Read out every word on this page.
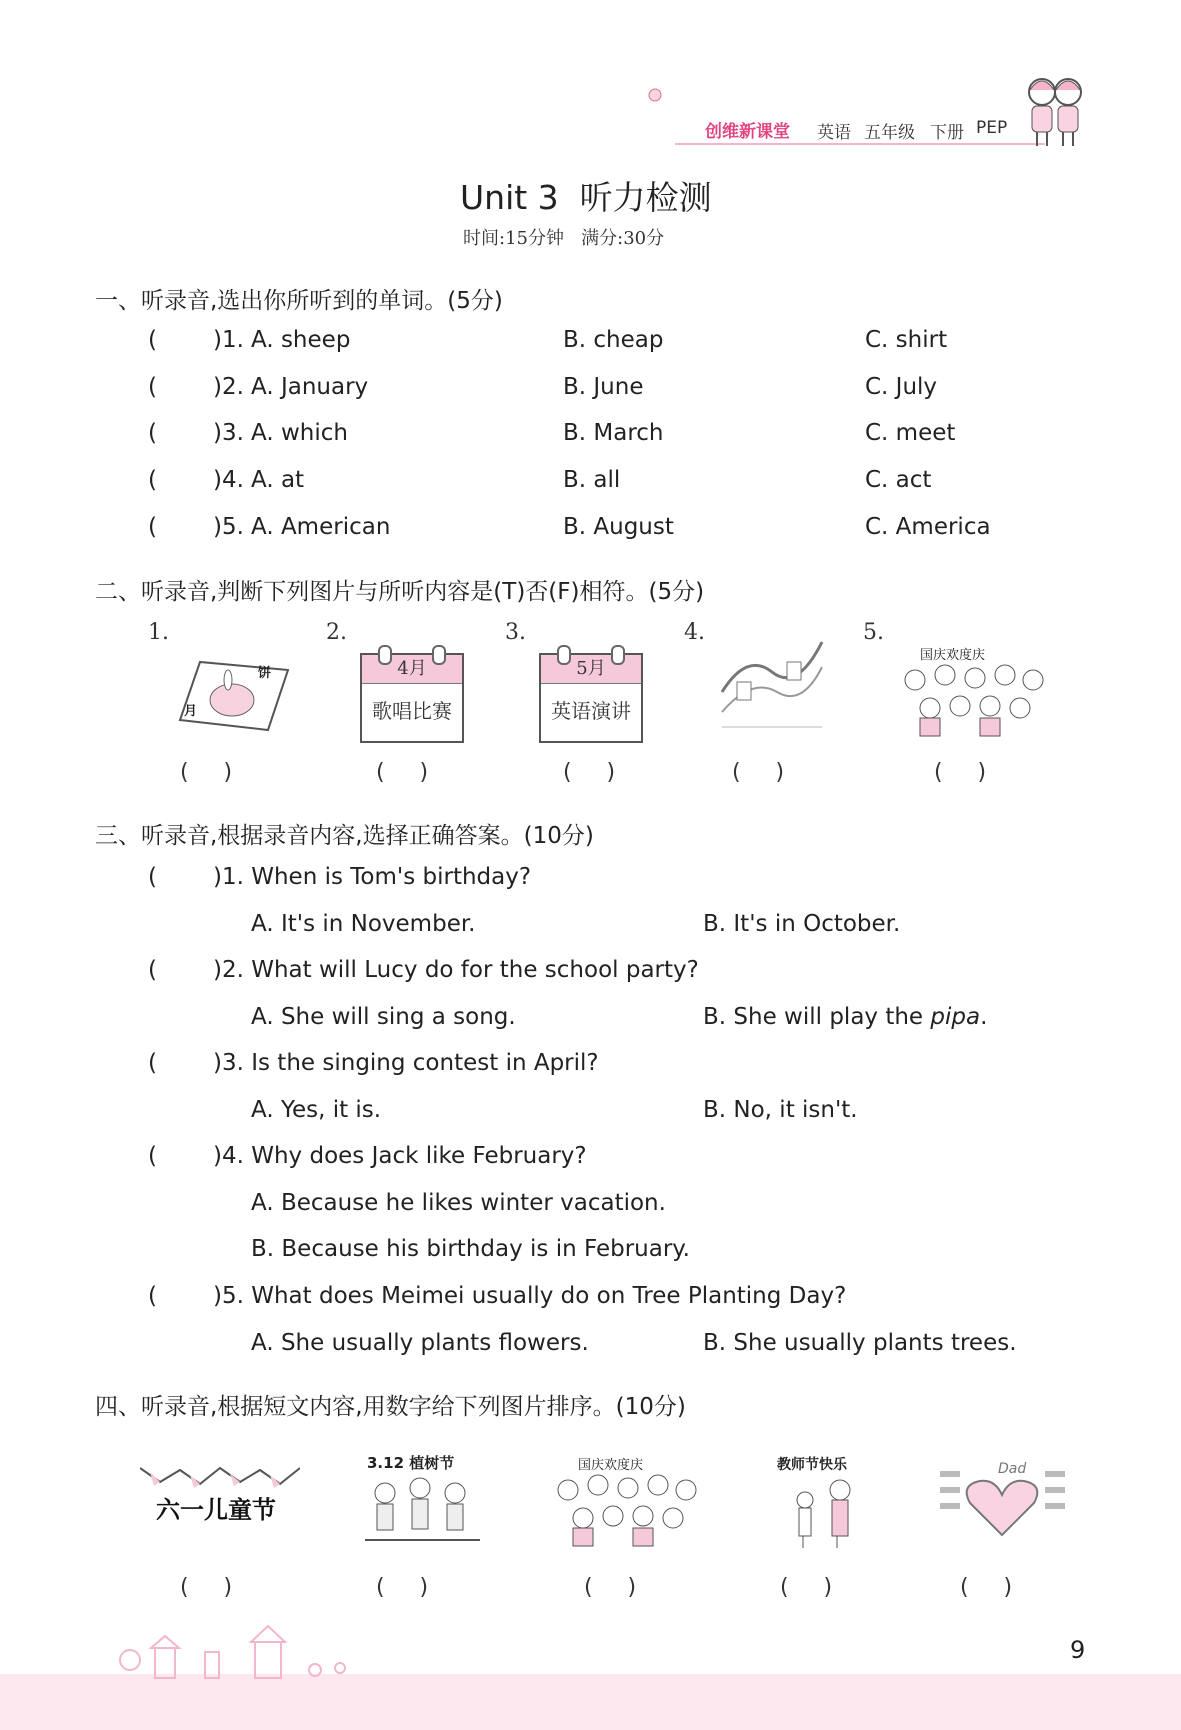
创维新课堂 英语 五年级 下册 PEP
Unit 3  听力检测
时间:15分钟   满分:30分
一、听录音,选出你所听到的单词。(5分)
( )1. A. sheep	B. cheap	C. shirt
( )2. A. January	B. June	C. July
( )3. A. which	B. March	C. meet
( )4. A. at	B. all	C. act
( )5. A. American	B. August	C. America
二、听录音,判断下列图片与所听内容是(T)否(F)相符。(5分)
1.	2.	3.	4.	5.
月
饼	4月
歌唱比赛
5月
英语演讲
国庆欢度庆
(     )	(     )	(     )	(     )	(     )
三、听录音,根据录音内容,选择正确答案。(10分)
( )1. When is Tom's birthday?
A. It's in November.	B. It's in October.
( )2. What will Lucy do for the school party?
A. She will sing a song.	B. She will play the pipa.
( )3. Is the singing contest in April?
A. Yes, it is.	B. No, it isn't.
( )4. Why does Jack like February?
A. Because he likes winter vacation.
B. Because his birthday is in February.
( )5. What does Meimei usually do on Tree Planting Day?
A. She usually plants flowers.	B. She usually plants trees.
四、听录音,根据短文内容,用数字给下列图片排序。(10分)
六一儿童节
3.12 植树节	国庆欢度庆	教师节快乐	Dad
(     )	(     )	(     )	(     )	(     )
9
